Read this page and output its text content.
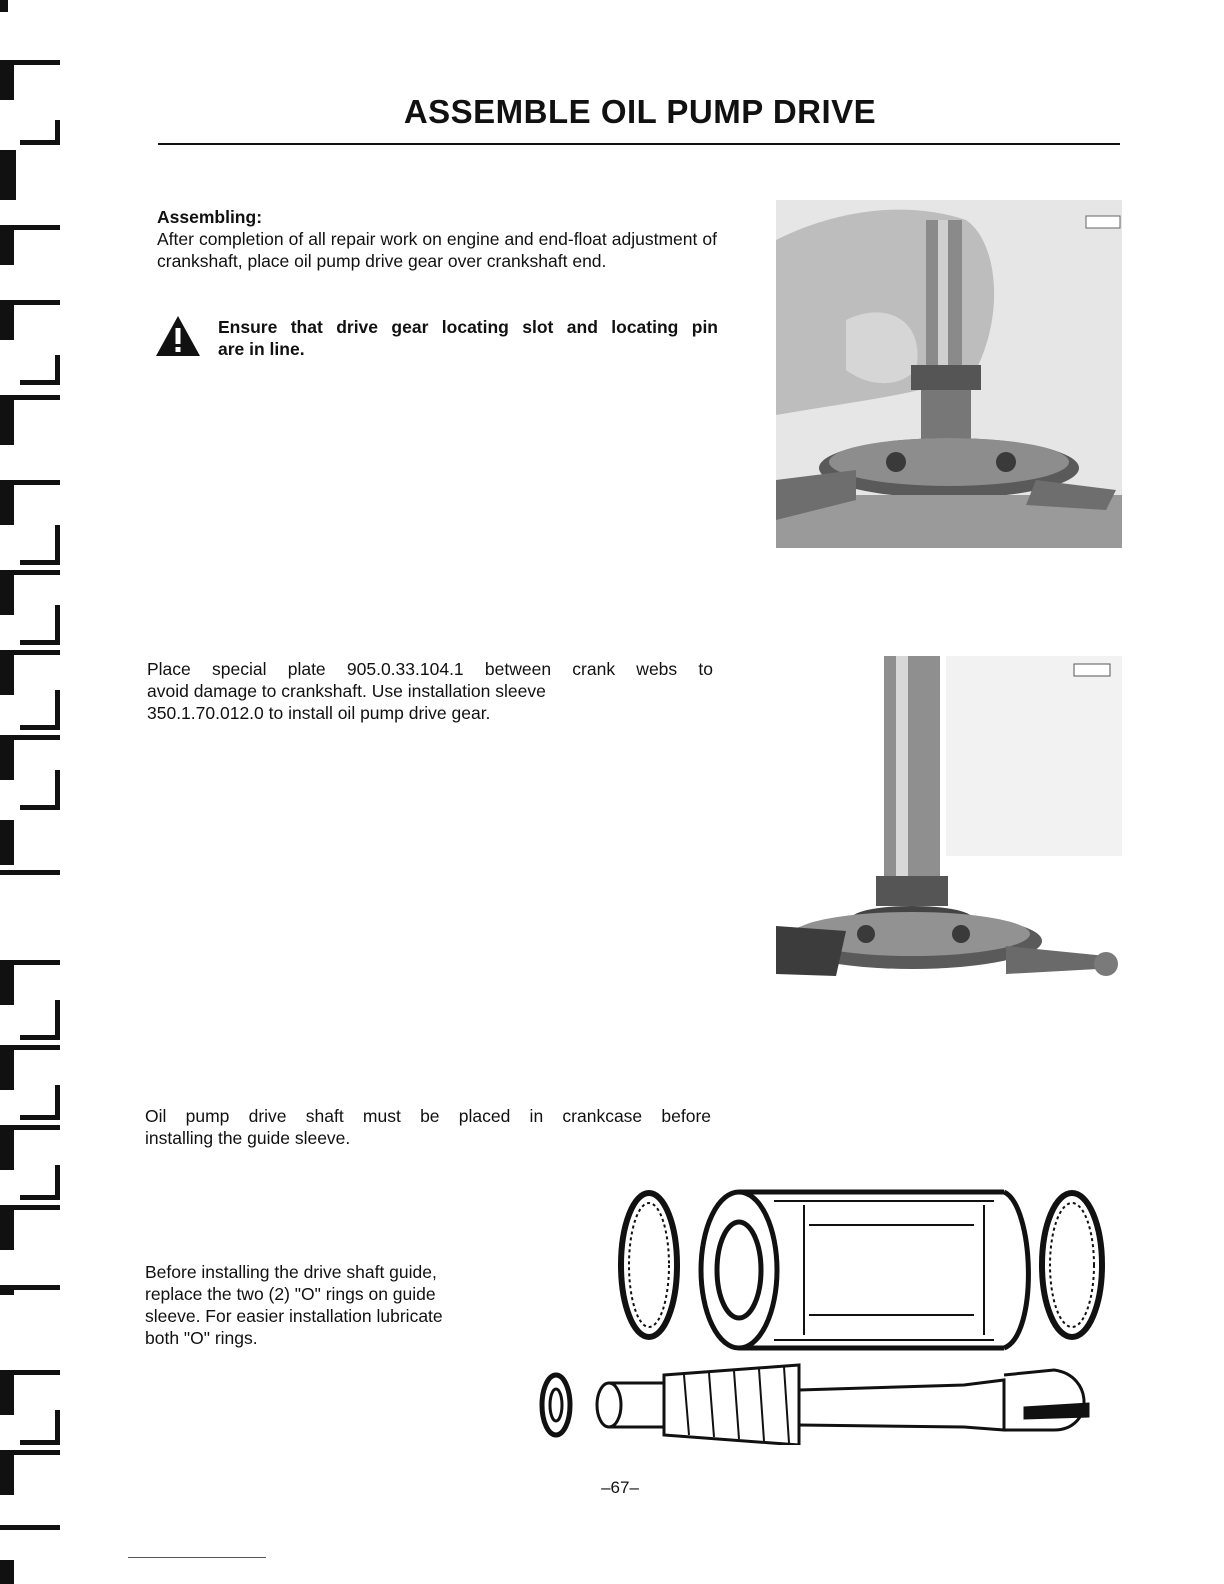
ASSEMBLE OIL PUMP DRIVE
Assembling:
After completion of all repair work on engine and end-float adjustment of crankshaft, place oil pump drive gear over crankshaft end.
Ensure that drive gear locating slot and locating pin
are in line.
Place special plate 905.0.33.104.1 between crank webs to
avoid damage to crankshaft. Use installation sleeve
350.1.70.012.0 to install oil pump drive gear.
Oil pump drive shaft must be placed in crankcase before
installing the guide sleeve.
Before installing the drive shaft guide,
replace the two (2) "O" rings on guide
sleeve. For easier installation lubricate
both "O" rings.
–67–
